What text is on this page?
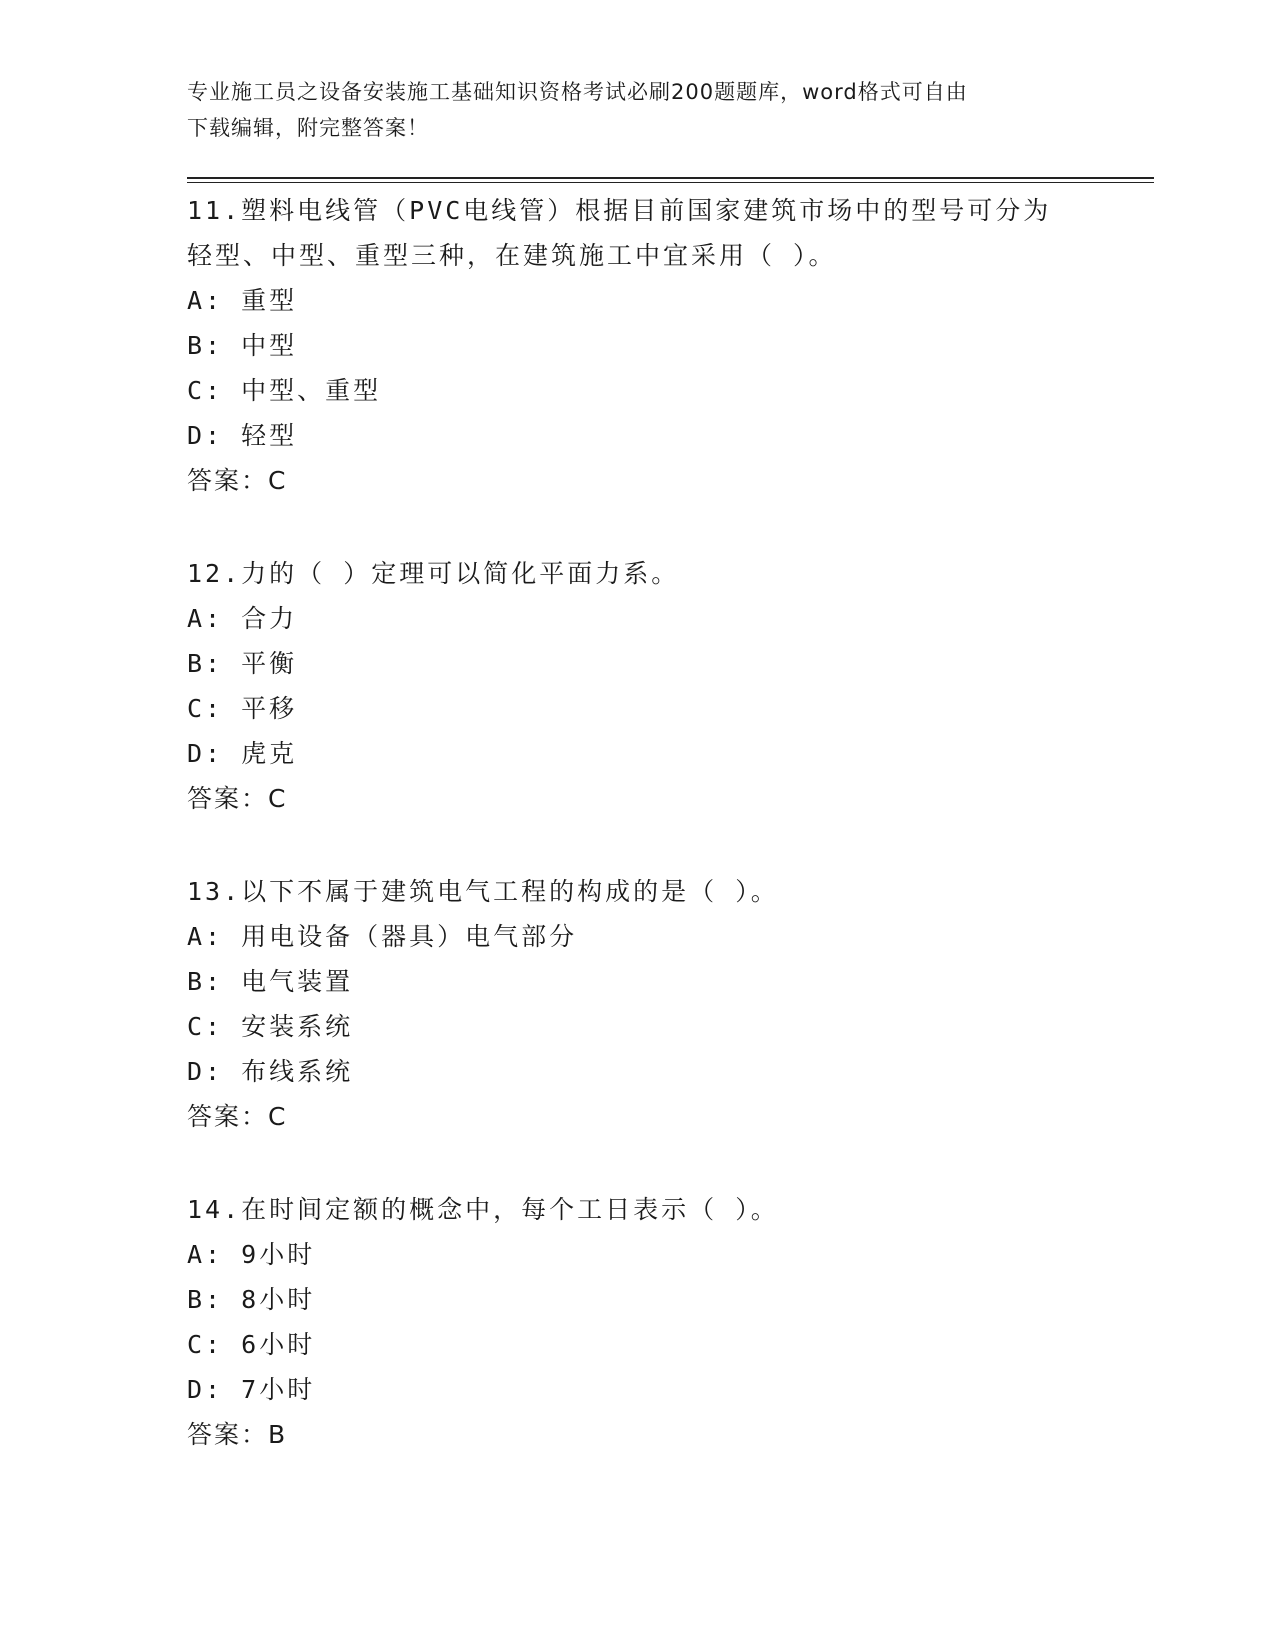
专业施工员之设备安装施工基础知识资格考试必刷200题题库，word格式可自由
下载编辑，附完整答案！

11.塑料电线管（PVC电线管）根据目前国家建筑市场中的型号可分为

轻型、中型、重型三种，在建筑施工中宜采用（ ）。

A: 重型

B: 中型

C: 中型、重型

D: 轻型

答案：C

12.力的（ ）定理可以简化平面力系。

A: 合力

B: 平衡

C: 平移

D: 虎克

答案：C

13.以下不属于建筑电气工程的构成的是（ ）。

A: 用电设备（器具）电气部分

B: 电气装置

C: 安装系统

D: 布线系统

答案：C

14.在时间定额的概念中，每个工日表示（ ）。

A: 9小时

B: 8小时

C: 6小时

D: 7小时

答案：B
